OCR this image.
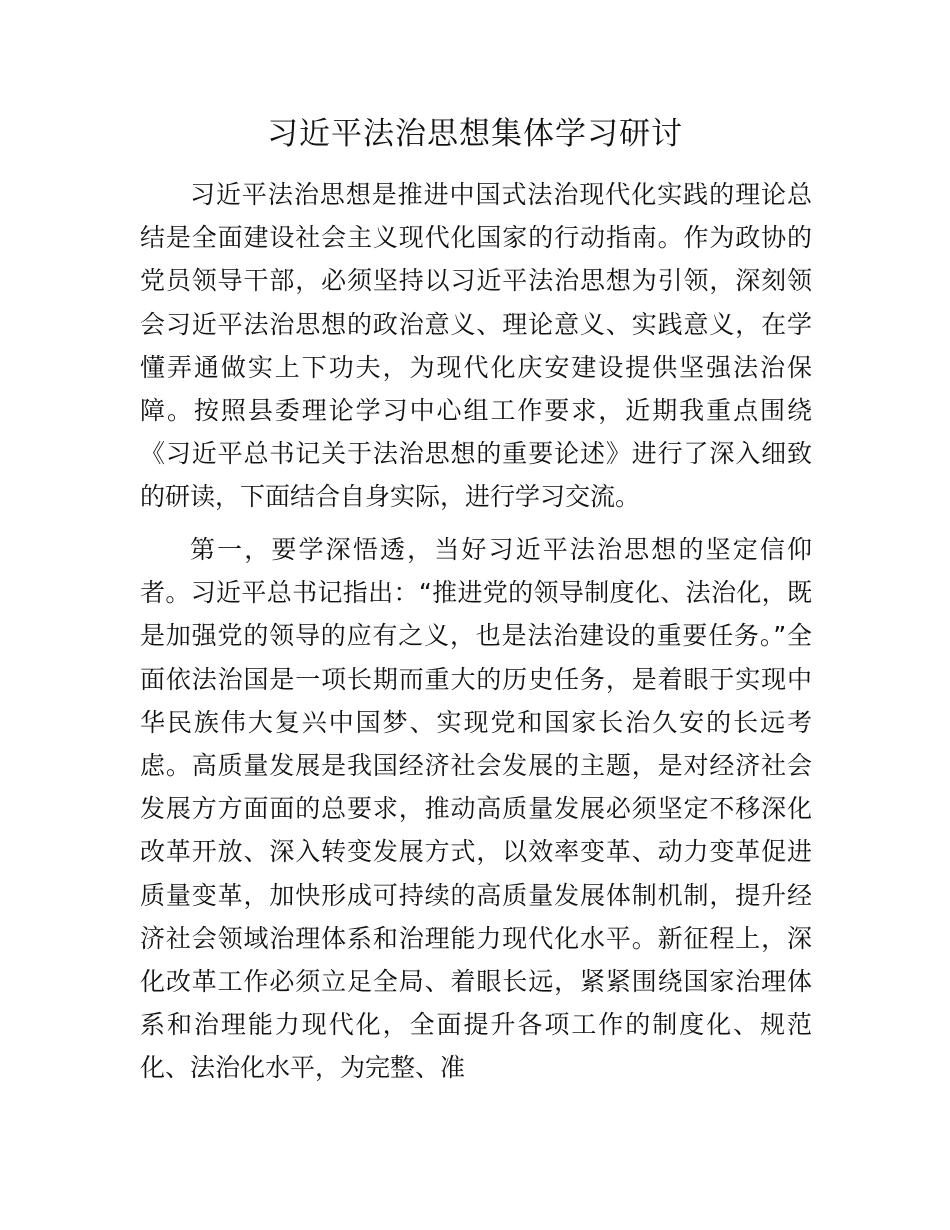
习近平法治思想集体学习研讨

习近平法治思想是推进中国式法治现代化实践的理论总结是全面建设社会主义现代化国家的行动指南。作为政协的党员领导干部，必须坚持以习近平法治思想为引领，深刻领会习近平法治思想的政治意义、理论意义、实践意义，在学懂弄通做实上下功夫，为现代化庆安建设提供坚强法治保障。按照县委理论学习中心组工作要求，近期我重点围绕《习近平总书记关于法治思想的重要论述》进行了深入细致的研读，下面结合自身实际，进行学习交流。

第一，要学深悟透，当好习近平法治思想的坚定信仰者。习近平总书记指出：“推进党的领导制度化、法治化，既是加强党的领导的应有之义，也是法治建设的重要任务。”全面依法治国是一项长期而重大的历史任务，是着眼于实现中华民族伟大复兴中国梦、实现党和国家长治久安的长远考虑。高质量发展是我国经济社会发展的主题，是对经济社会发展方方面面的总要求，推动高质量发展必须坚定不移深化改革开放、深入转变发展方式，以效率变革、动力变革促进质量变革，加快形成可持续的高质量发展体制机制，提升经济社会领域治理体系和治理能力现代化水平。新征程上，深化改革工作必须立足全局、着眼长远，紧紧围绕国家治理体系和治理能力现代化，全面提升各项工作的制度化、规范化、法治化水平，为完整、准
